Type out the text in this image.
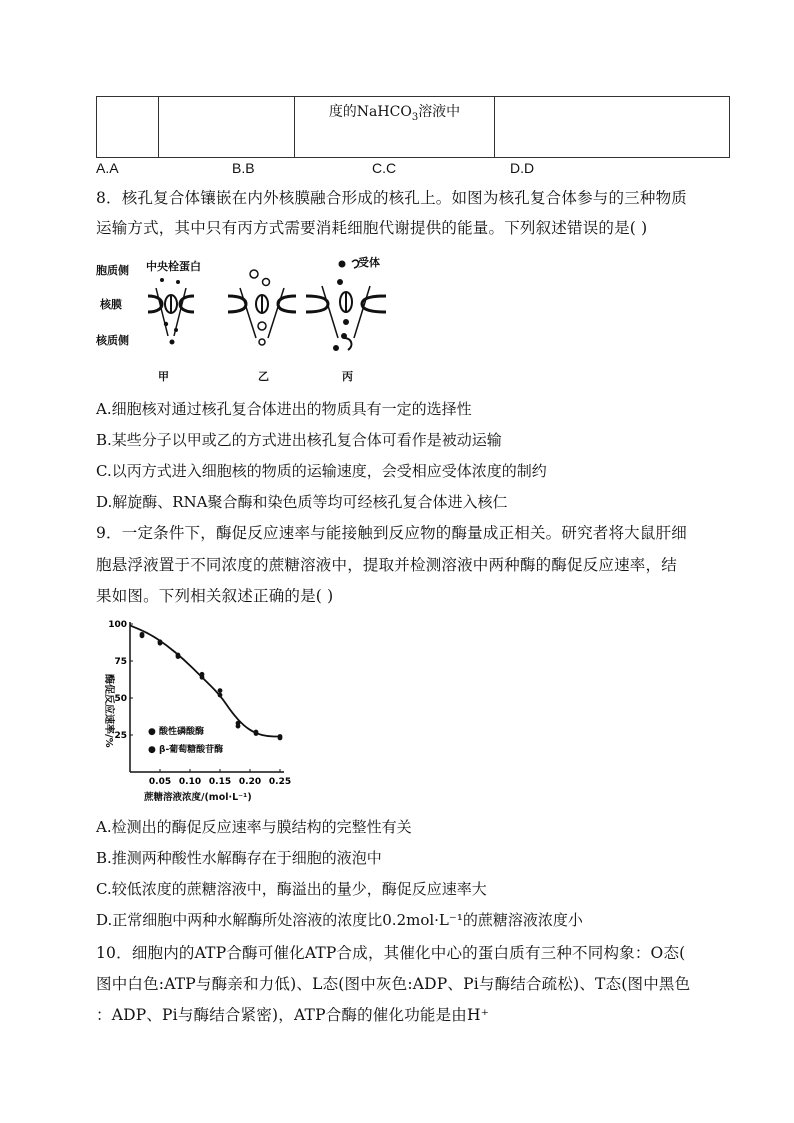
度的NaHCO$_3$溶液中
A.A	B.B	C.C	D.D
8．核孔复合体镶嵌在内外核膜融合形成的核孔上。如图为核孔复合体参与的三种物质
运输方式，其中只有丙方式需要消耗细胞代谢提供的能量。下列叙述错误的是( )
胞质侧
核膜
核质侧
中央栓蛋白	受体
甲	乙	丙
A.细胞核对通过核孔复合体进出的物质具有一定的选择性
B.某些分子以甲或乙的方式进出核孔复合体可看作是被动运输
C.以丙方式进入细胞核的物质的运输速度，会受相应受体浓度的制约
D.解旋酶、RNA聚合酶和染色质等均可经核孔复合体进入核仁
9．一定条件下，酶促反应速率与能接触到反应物的酶量成正相关。研究者将大鼠肝细
胞悬浮液置于不同浓度的蔗糖溶液中，提取并检测溶液中两种酶的酶促反应速率，结
果如图。下列相关叙述正确的是( )
0.05 0.10 0.15 0.20 0.25
25
50
75
100
● 酸性磷酸酶
● β-葡萄糖酸苷酶
蔗糖溶液浓度/(mol·L⁻¹)
酶促反应速率/%
A.检测出的酶促反应速率与膜结构的完整性有关
B.推测两种酸性水解酶存在于细胞的液泡中
C.较低浓度的蔗糖溶液中，酶溢出的量少，酶促反应速率大
D.正常细胞中两种水解酶所处溶液的浓度比0.2mol·L⁻¹的蔗糖溶液浓度小
10．细胞内的ATP合酶可催化ATP合成，其催化中心的蛋白质有三种不同构象：O态(
图中白色:ATP与酶亲和力低)、L态(图中灰色:ADP、Pi与酶结合疏松)、T态(图中黑色
：ADP、Pi与酶结合紧密)，ATP合酶的催化功能是由H⁺
